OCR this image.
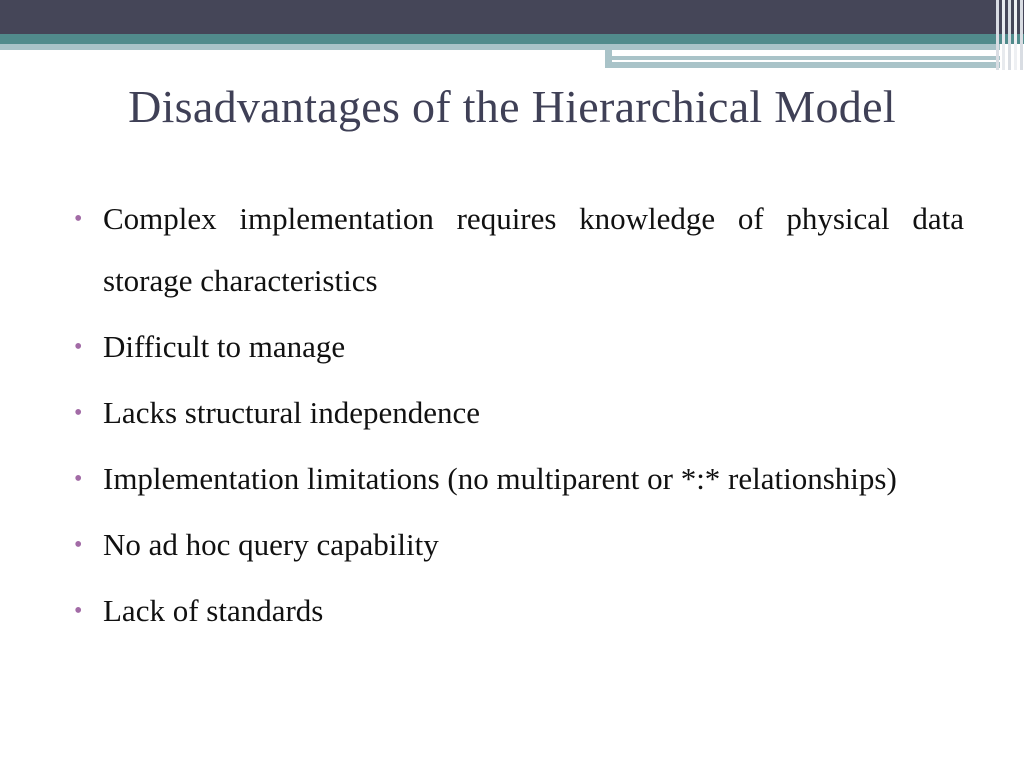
Disadvantages of the Hierarchical Model
• Complex implementation requires knowledge of physical data storage characteristics
• Difficult to manage
• Lacks structural independence
• Implementation limitations (no multiparent or *:* relationships)
• No ad hoc query capability
• Lack of standards
